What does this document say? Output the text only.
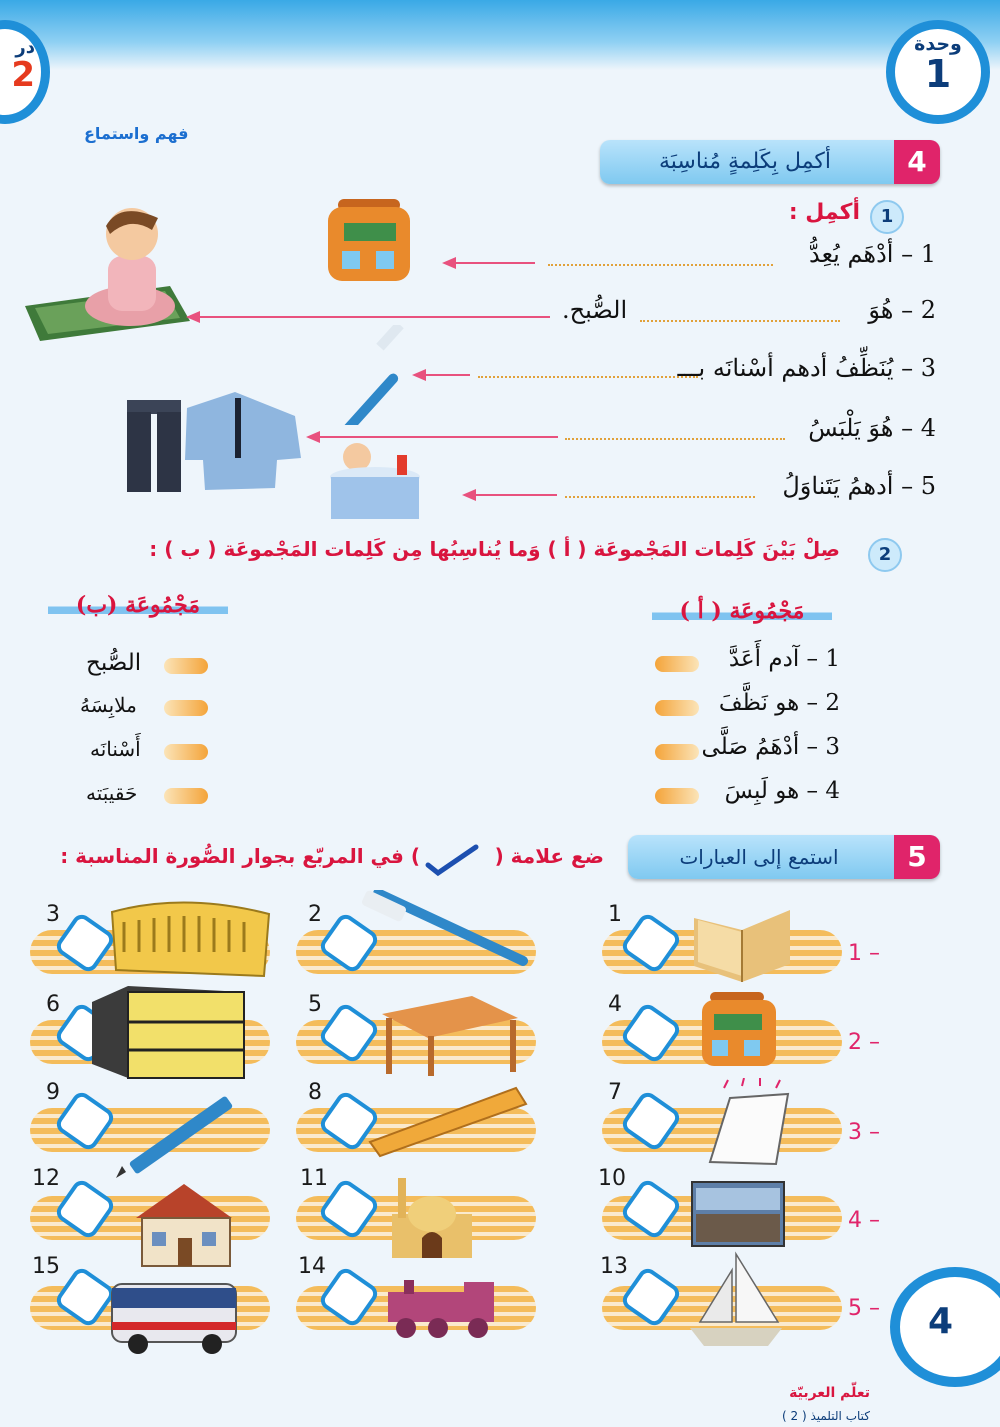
وحدة
1
در
2
فهم واستماع
4
أكمِل بِكَلِمةٍ مُناسِبَة
1
أكمِل :
1 – أدْهَم يُعِدُّ
2 – هُوَ
الصُّبح.
3 – يُنَظِّفُ أدهم أسْنانَه بـــ
4 – هُوَ يَلْبَسُ
5 – أدهمُ يَتَناوَلُ
2
صِلْ بَيْنَ كَلِمات المَجْموعَة ( أ ) وَما يُناسِبُها مِن كَلِمات المَجْموعَة ( ب ) :
مَجْمُوعَة ( أ )
مَجْمُوعَة (ب)
1 – آدم أَعَدَّ
2 – هو نَظَّفَ
3 – أدْهَمُ صَلَّى
4 – هو لَبِسَ
الصُّبح
ملابِسَهُ
أَسْنانَه
حَقيبَته
5
استمع إلى العبارات
ضع علامة (
) في المربّع بجوار الصُّورة المناسبة :
– 1
1
2
3
– 2
4
5
6
– 3
7
8
9
– 4
10
11
12
– 5
13
14
15
4
تعلّم العربيّة
كتاب التلميذ ( 2 )
